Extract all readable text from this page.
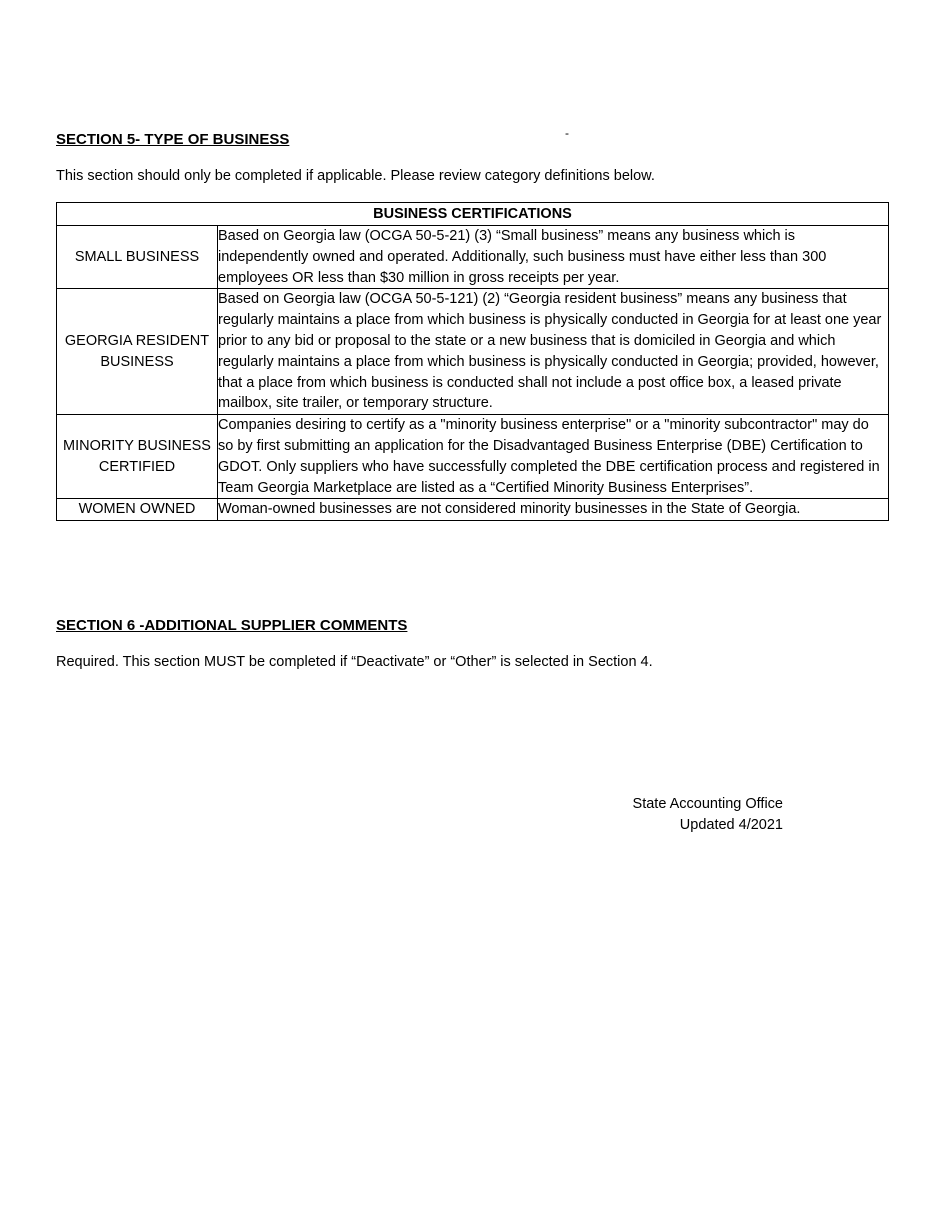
SECTION 5- TYPE OF BUSINESS	-

This section should only be completed if applicable. Please review category definitions below.

BUSINESS CERTIFICATIONS	
SMALL BUSINESS	Based on Georgia law (OCGA 50-5-21) (3) “Small business” means any business which is independently owned and operated. Additionally, such business must have either less than 300 employees OR less than $30 million in gross receipts per year.
GEORGIA RESIDENT BUSINESS	Based on Georgia law (OCGA 50-5-121) (2) “Georgia resident business” means any business that regularly maintains a place from which business is physically conducted in Georgia for at least one year prior to any bid or proposal to the state or a new business that is domiciled in Georgia and which regularly maintains a place from which business is physically conducted in Georgia; provided, however, that a place from which business is conducted shall not include a post office box, a leased private mailbox, site trailer, or temporary structure.
MINORITY BUSINESS CERTIFIED	Companies desiring to certify as a "minority business enterprise" or a "minority subcontractor" may do so by first submitting an application for the Disadvantaged Business Enterprise (DBE) Certification to GDOT. Only suppliers who have successfully completed the DBE certification process and registered in Team Georgia Marketplace are listed as a “Certified Minority Business Enterprises”.
WOMEN OWNED	Woman-owned businesses are not considered minority businesses in the State of Georgia.
SECTION 6 -ADDITIONAL SUPPLIER COMMENTS

Required. This section MUST be completed if “Deactivate” or “Other” is selected in Section 4.

State Accounting Office
Updated 4/2021
